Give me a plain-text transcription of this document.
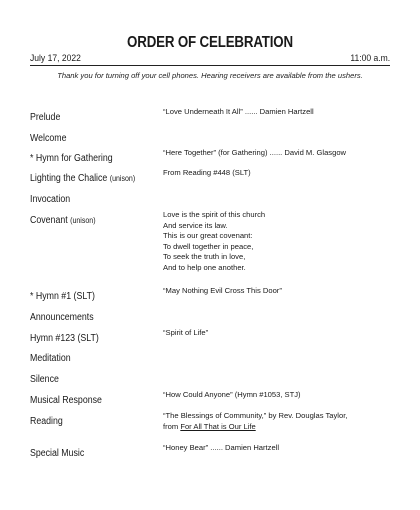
ORDER OF CELEBRATION
July 17, 2022	11:00 a.m.
Thank you for turning off your cell phones. Hearing receivers are available from the ushers.
Prelude
“Love Underneath It All” ...... Damien Hartzell
Welcome
* Hymn for Gathering
“Here Together” (for Gathering) ...... David M. Glasgow
Lighting the Chalice (unison)
From Reading #448 (SLT)
Invocation
Covenant (unison)
Love is the spirit of this church
And service its law.
This is our great covenant:
To dwell together in peace,
To seek the truth in love,
And to help one another.
* Hymn #1 (SLT)
“May Nothing Evil Cross This Door”
Announcements
Hymn #123 (SLT)
“Spirit of Life”
Meditation
Silence
Musical Response
“How Could Anyone” (Hymn #1053, STJ)
Reading
“The Blessings of Community,” by Rev. Douglas Taylor,
from For All That is Our Life
Special Music
“Honey Bear” ...... Damien Hartzell
